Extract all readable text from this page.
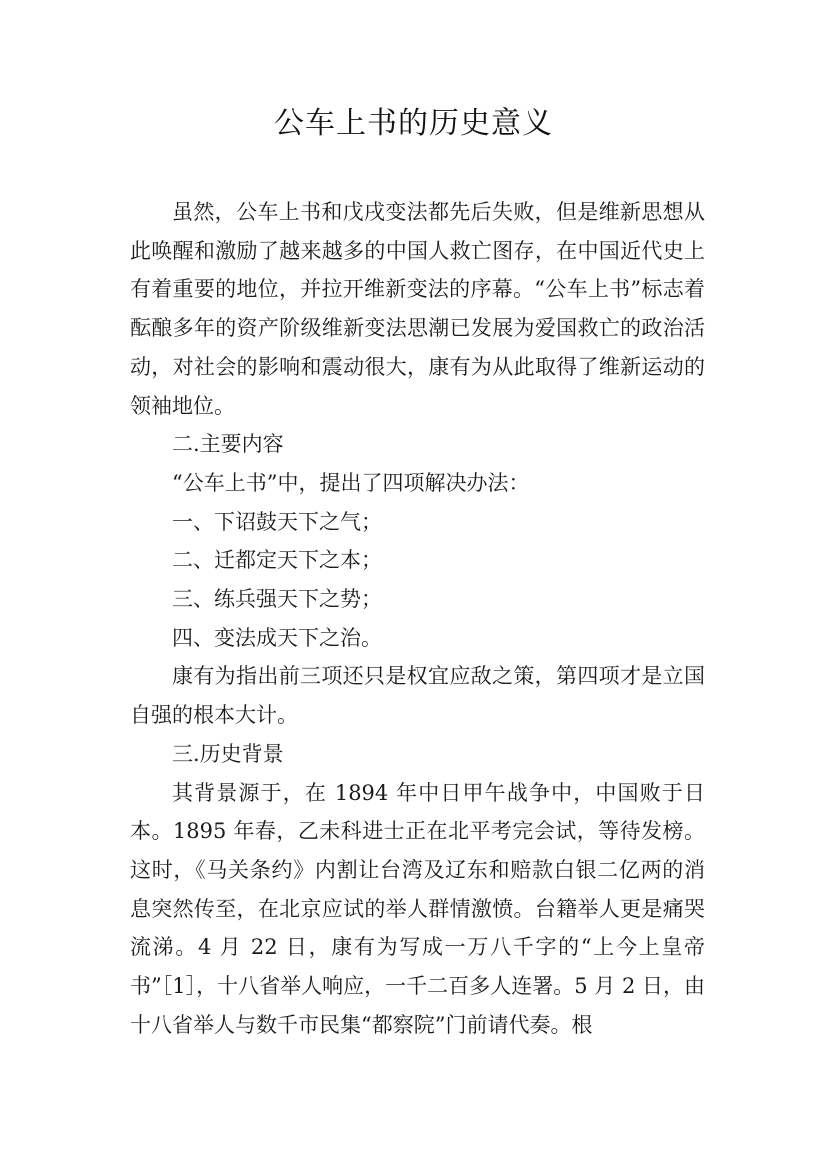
公车上书的历史意义

虽然，公车上书和戊戌变法都先后失败，但是维新思想从此唤醒和激励了越来越多的中国人救亡图存，在中国近代史上有着重要的地位，并拉开维新变法的序幕。“公车上书”标志着酝酿多年的资产阶级维新变法思潮已发展为爱国救亡的政治活动，对社会的影响和震动很大，康有为从此取得了维新运动的领袖地位。

二.主要内容

“公车上书”中，提出了四项解决办法：

一、下诏鼓天下之气；

二、迁都定天下之本；

三、练兵强天下之势；

四、变法成天下之治。

康有为指出前三项还只是权宜应敌之策，第四项才是立国自强的根本大计。

三.历史背景

其背景源于，在 1894 年中日甲午战争中，中国败于日本。1895 年春，乙未科进士正在北平考完会试，等待发榜。这时，《马关条约》内割让台湾及辽东和赔款白银二亿两的消息突然传至，在北京应试的举人群情激愤。台籍举人更是痛哭流涕。4 月 22 日，康有为写成一万八千字的“上今上皇帝书”［1］，十八省举人响应，一千二百多人连署。5 月 2 日，由十八省举人与数千市民集“都察院”门前请代奏。根
